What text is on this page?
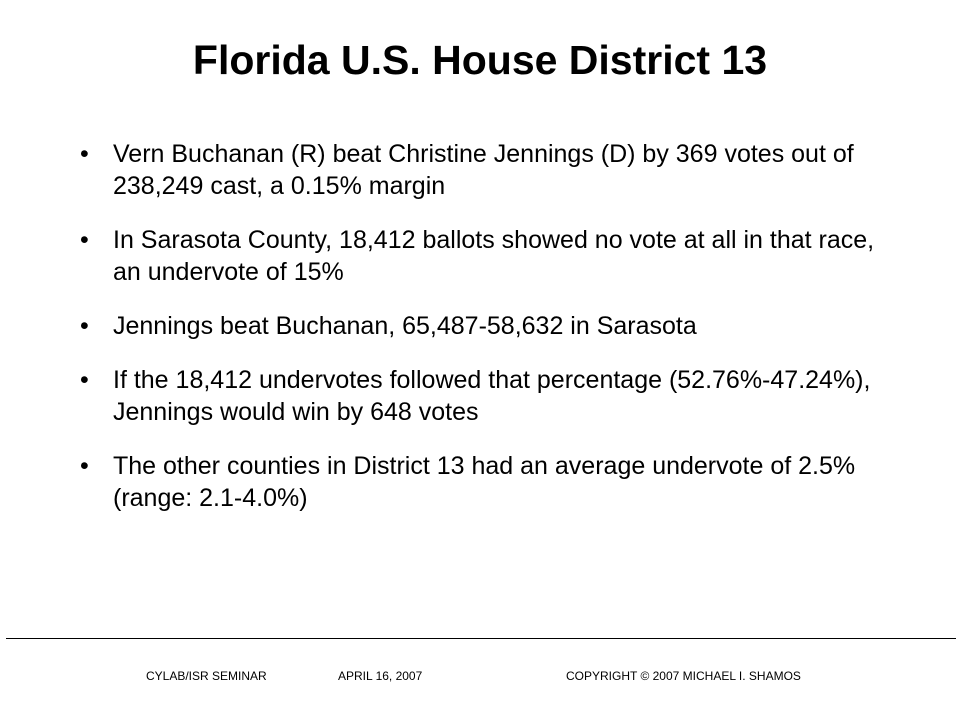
Florida U.S. House District 13
• Vern Buchanan (R) beat Christine Jennings (D) by 369 votes out of 238,249 cast, a 0.15% margin
• In Sarasota County, 18,412 ballots showed no vote at all in that race, an undervote of 15%
• Jennings beat Buchanan, 65,487-58,632 in Sarasota
• If the 18,412 undervotes followed that percentage (52.76%-47.24%), Jennings would win by 648 votes
• The other counties in District 13 had an average undervote of 2.5% (range: 2.1-4.0%)
CYLAB/ISR SEMINAR	APRIL 16, 2007	COPYRIGHT © 2007 MICHAEL I. SHAMOS
